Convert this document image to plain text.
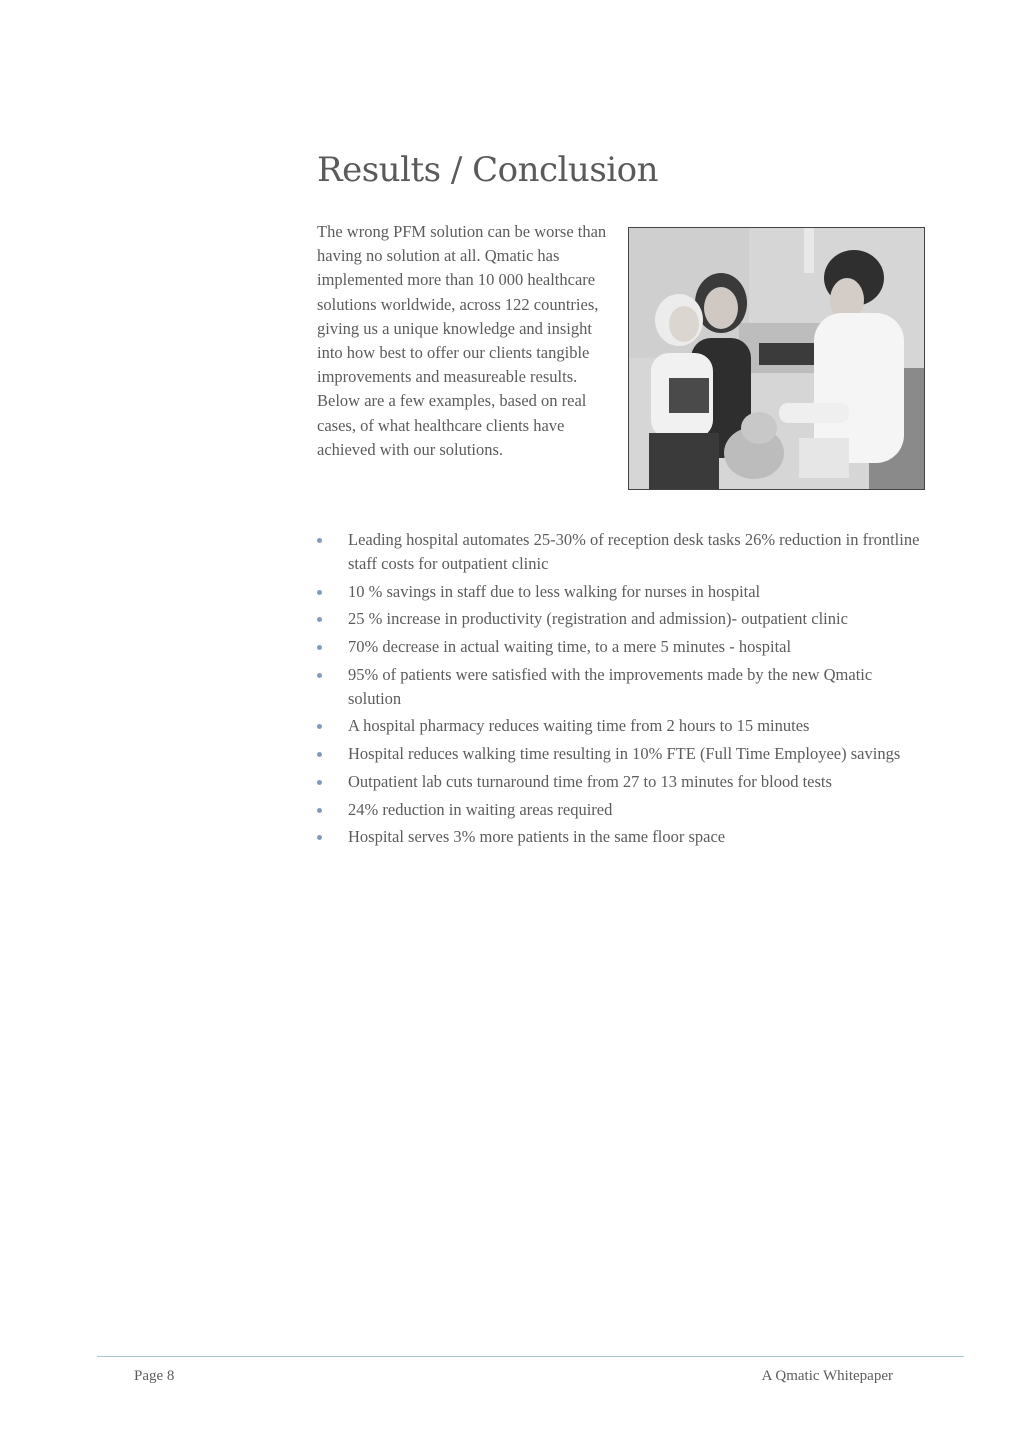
Results / Conclusion

The wrong PFM solution can be worse than having no solution at all. Qmatic has implemented more than 10 000 healthcare solutions worldwide, across 122 countries, giving us a unique knowledge and insight into how best to offer our clients tangible improvements and measureable results. Below are a few examples, based on real cases, of what healthcare clients have achieved with our solutions.

Leading hospital automates 25-30% of reception desk tasks 26% reduction in frontline staff costs for outpatient clinic
10 % savings in staff due to less walking for nurses in hospital
25 % increase in productivity (registration and admission)- outpatient clinic
70% decrease in actual waiting time, to a mere 5 minutes - hospital
95% of patients were satisfied with the improvements made by the new Qmatic solution
A hospital pharmacy reduces waiting time from 2 hours to 15 minutes
Hospital reduces walking time resulting in 10% FTE (Full Time Employee) savings
Outpatient lab cuts turnaround time from 27 to 13 minutes for blood tests
24% reduction in waiting areas required
Hospital serves 3% more patients in the same floor space
Page 8	A Qmatic Whitepaper
